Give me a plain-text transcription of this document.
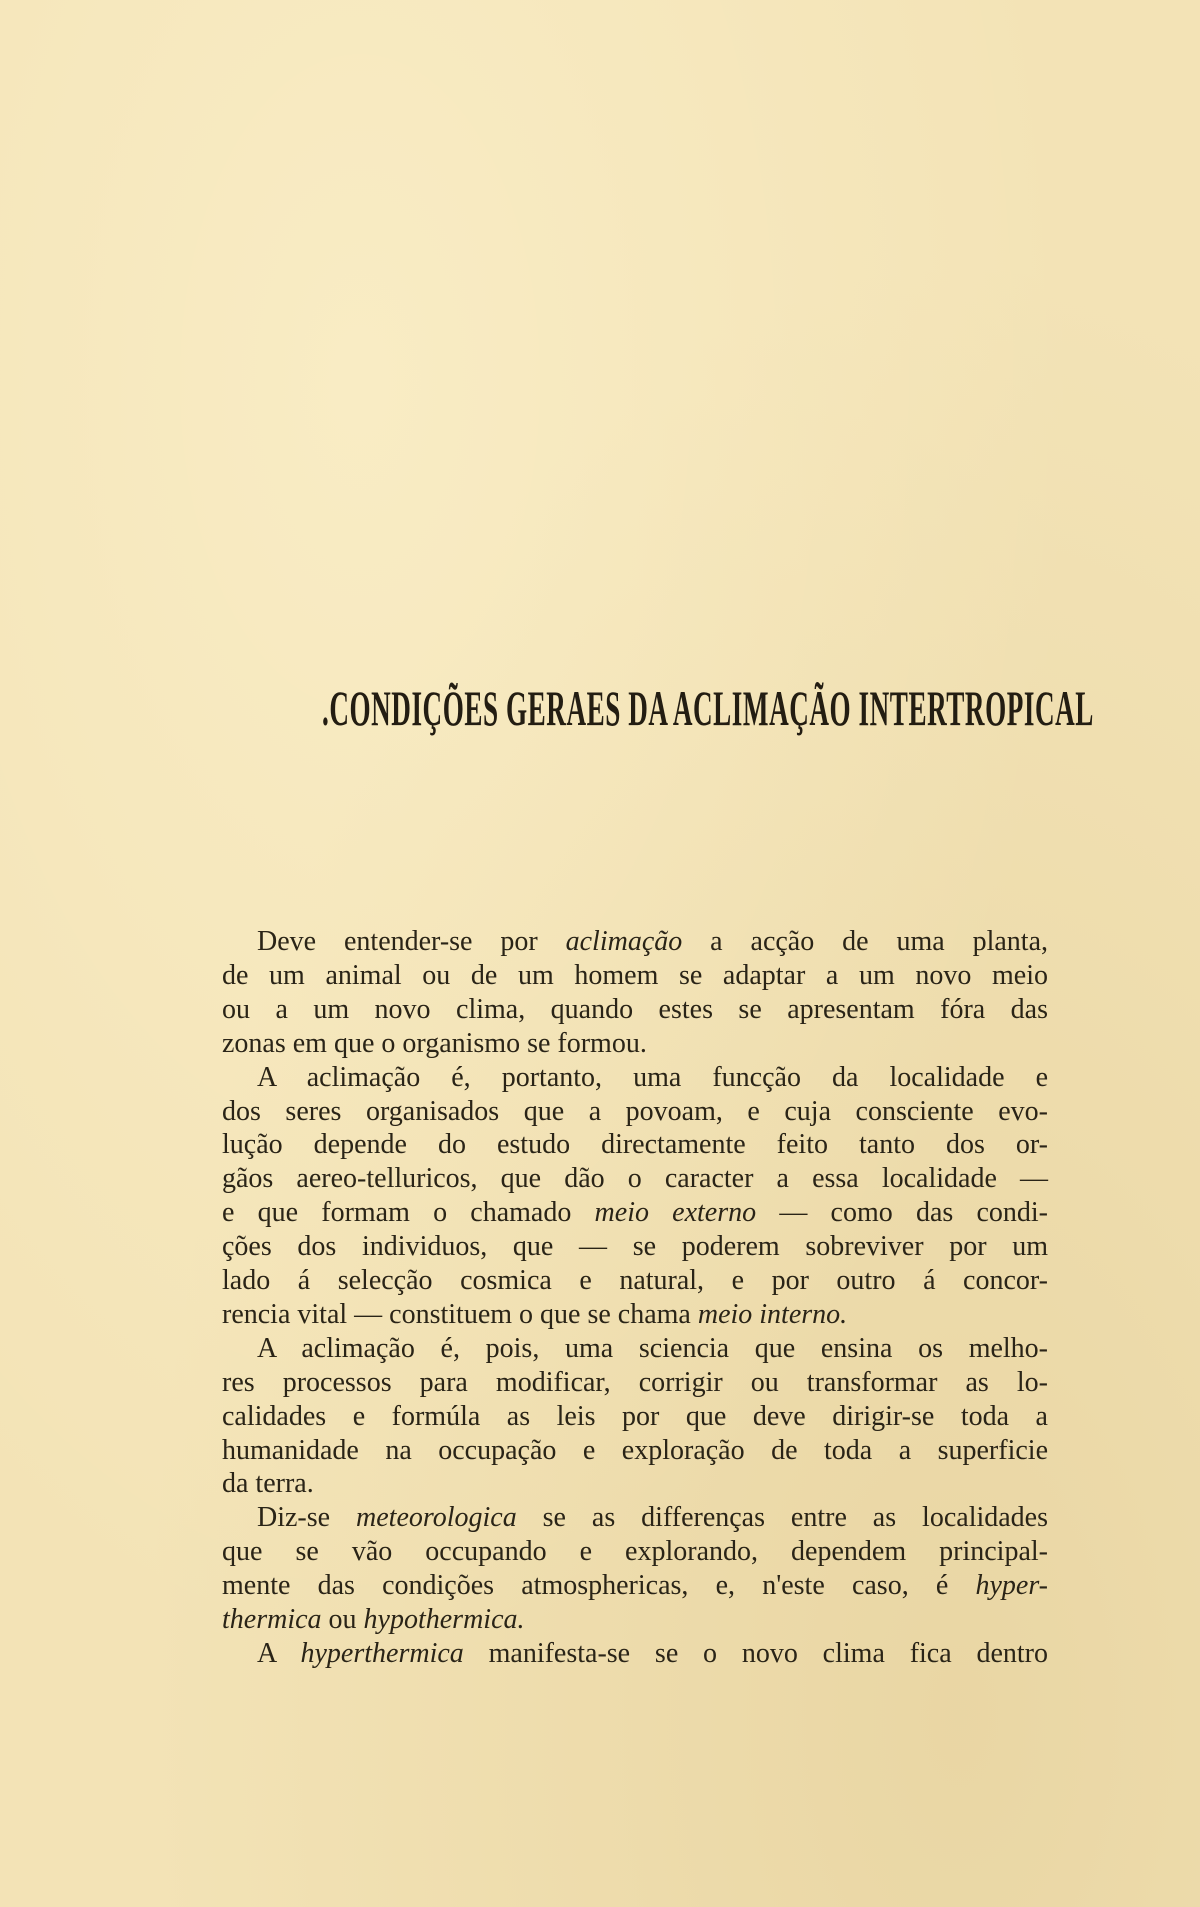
.CONDIÇÕES GERAES DA ACLIMAÇÃO INTERTROPICAL
Deve entender-se por aclimação a acção de uma planta,
de um animal ou de um homem se adaptar a um novo meio
ou a um novo clima, quando estes se apresentam fóra das
zonas em que o organismo se formou.
A aclimação é, portanto, uma funcção da localidade e
dos seres organisados que a povoam, e cuja consciente evo-
lução depende do estudo directamente feito tanto dos or-
gãos aereo-telluricos, que dão o caracter a essa localidade —
e que formam o chamado meio externo — como das condi-
ções dos individuos, que — se poderem sobreviver por um
lado á selecção cosmica e natural, e por outro á concor-
rencia vital — constituem o que se chama meio interno.
A aclimação é, pois, uma sciencia que ensina os melho-
res processos para modificar, corrigir ou transformar as lo-
calidades e formúla as leis por que deve dirigir-se toda a
humanidade na occupação e exploração de toda a superficie
da terra.
Diz-se meteorologica se as differenças entre as localidades
que se vão occupando e explorando, dependem principal-
mente das condições atmosphericas, e, n'este caso, é hyper-
thermica ou hypothermica.
A hyperthermica manifesta-se se o novo clima fica dentro
